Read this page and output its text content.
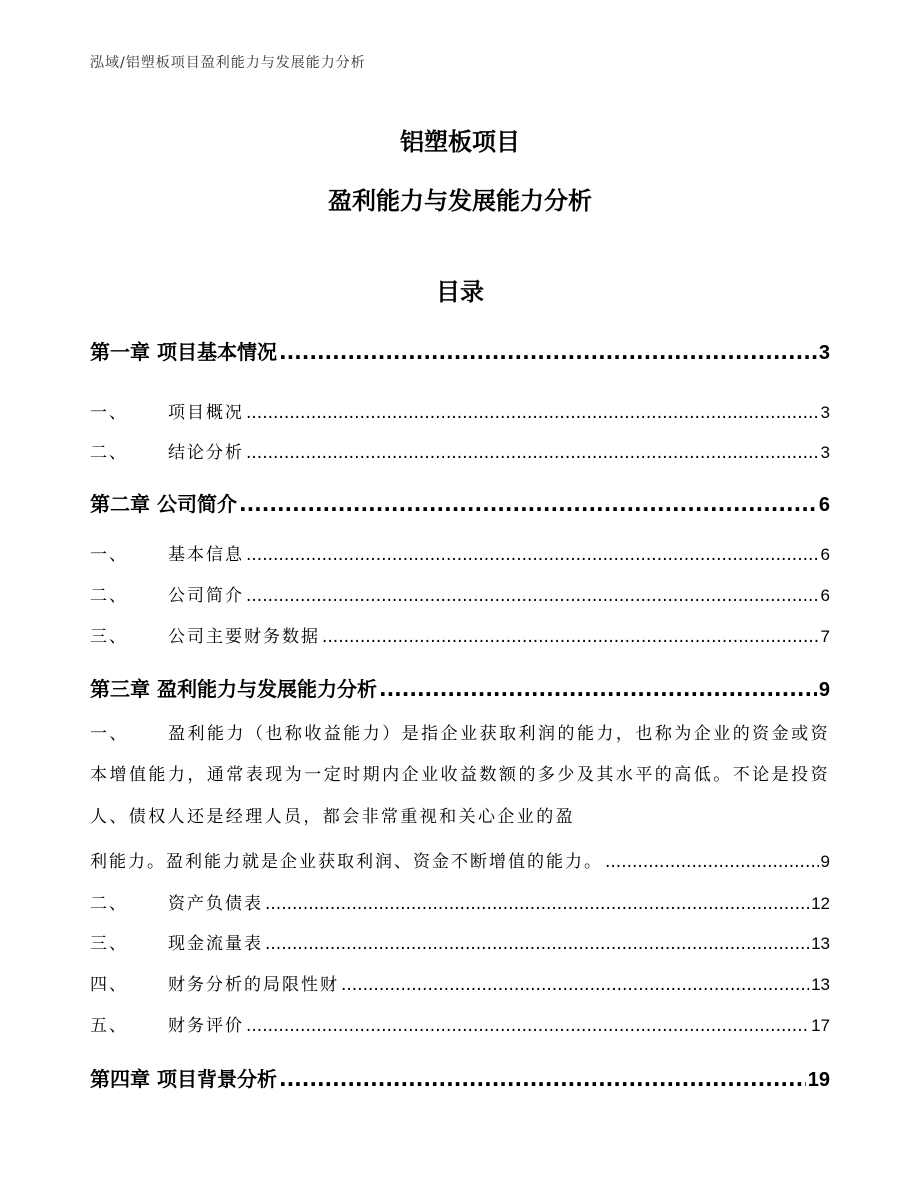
泓域/铝塑板项目盈利能力与发展能力分析
铝塑板项目
盈利能力与发展能力分析
目录
第一章 项目基本情况 .....	3
一、	项目概况 .....	3
二、	结论分析 .....	3
第二章 公司简介 .....	6
一、	基本信息 .....	6
二、	公司简介 .....	6
三、	公司主要财务数据 .....	7
第三章 盈利能力与发展能力分析 .....	9
一、 盈利能力（也称收益能力）是指企业获取利润的能力，也称为企业的资金或资本增值能力，通常表现为一定时期内企业收益数额的多少及其水平的高低。不论是投资人、债权人还是经理人员，都会非常重视和关心企业的盈
利能力。盈利能力就是企业获取利润、资金不断增值的能力。 .....	9
二、	资产负债表 .....	12
三、	现金流量表 .....	13
四、	财务分析的局限性财 .....	13
五、	财务评价 .....	17
第四章 项目背景分析 .....	19
